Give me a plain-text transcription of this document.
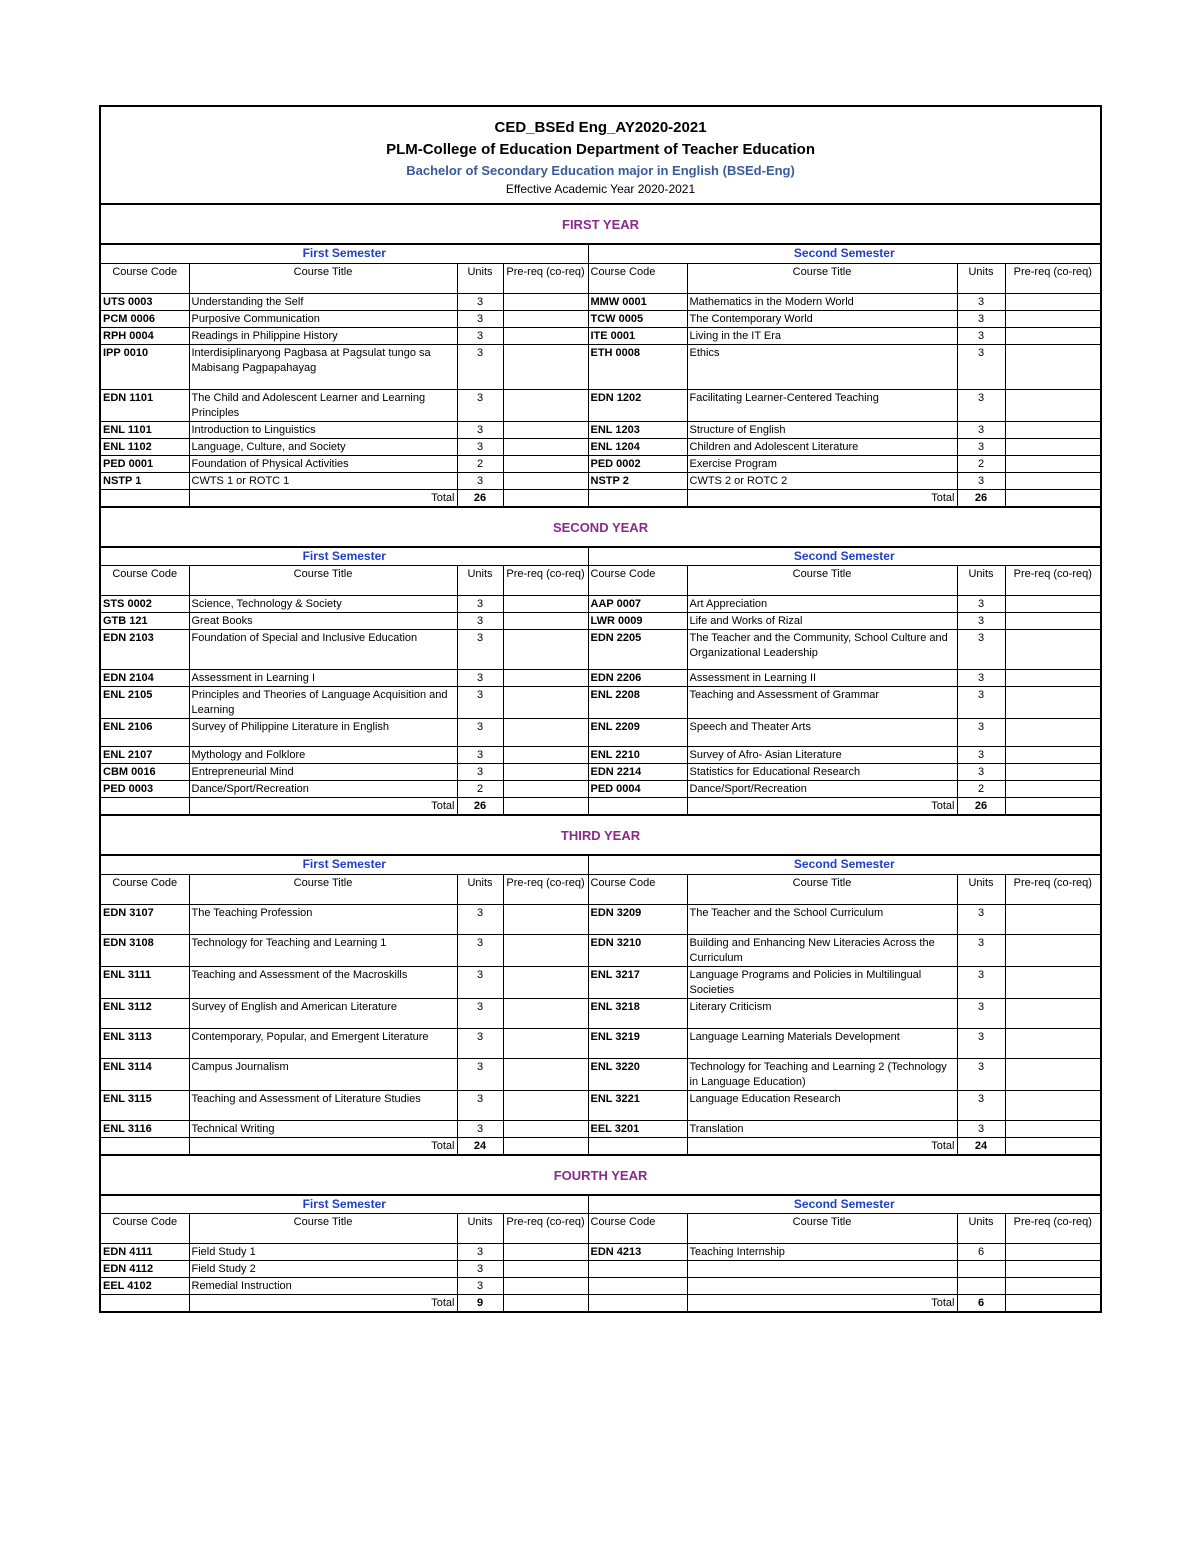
CED_BSEd Eng_AY2020-2021
PLM-College of Education Department of Teacher Education
Bachelor of Secondary Education major in English (BSEd-Eng)
Effective Academic Year 2020-2021							

FIRST YEAR							
First Semester				Second Semester			
Course Code	Course Title	Units	Pre-req (co-req)	Course Code	Course Title	Units	Pre-req (co-req)
UTS 0003	Understanding the Self	3		MMW 0001	Mathematics in the Modern World	3	
PCM 0006	Purposive Communication	3		TCW 0005	The Contemporary World	3	
RPH 0004	Readings in Philippine History	3		ITE 0001	Living in the IT Era	3	
IPP 0010	Interdisiplinaryong Pagbasa at Pagsulat tungo sa Mabisang Pagpapahayag	3		ETH 0008	Ethics	3	
EDN 1101	The Child and Adolescent Learner and Learning Principles	3		EDN 1202	Facilitating Learner-Centered Teaching	3	
ENL 1101	Introduction to Linguistics	3		ENL 1203	Structure of English	3	
ENL 1102	Language, Culture, and Society	3		ENL 1204	Children and Adolescent Literature	3	
PED 0001	Foundation of Physical Activities	2		PED 0002	Exercise Program	2	
NSTP 1	CWTS 1 or ROTC 1	3		NSTP 2	CWTS 2 or ROTC 2	3	
	Total	26			Total	26	
SECOND YEAR							
First Semester				Second Semester			
Course Code	Course Title	Units	Pre-req (co-req)	Course Code	Course Title	Units	Pre-req (co-req)
STS 0002	Science, Technology & Society	3		AAP 0007	Art Appreciation	3	
GTB 121	Great Books	3		LWR 0009	Life and Works of Rizal	3	
EDN 2103	Foundation of Special and Inclusive Education	3		EDN 2205	The Teacher and the Community, School Culture and Organizational Leadership	3	
EDN 2104	Assessment in Learning I	3		EDN 2206	Assessment in Learning II	3	
ENL 2105	Principles and Theories of Language Acquisition and Learning	3		ENL 2208	Teaching and Assessment of Grammar	3	
ENL 2106	Survey of Philippine Literature in English	3		ENL 2209	Speech and Theater Arts	3	
ENL 2107	Mythology and Folklore	3		ENL 2210	Survey of Afro- Asian Literature	3	
CBM 0016	Entrepreneurial Mind	3		EDN 2214	Statistics for Educational Research	3	
PED 0003	Dance/Sport/Recreation	2		PED 0004	Dance/Sport/Recreation	2	
	Total	26			Total	26	
THIRD YEAR							
First Semester				Second Semester			
Course Code	Course Title	Units	Pre-req (co-req)	Course Code	Course Title	Units	Pre-req (co-req)
EDN 3107	The Teaching Profession	3		EDN 3209	The Teacher and the School Curriculum	3	
EDN 3108	Technology for Teaching and Learning 1	3		EDN 3210	Building and Enhancing New Literacies Across the Curriculum	3	
ENL 3111	Teaching and Assessment of the Macroskills	3		ENL 3217	Language Programs and Policies in Multilingual Societies	3	
ENL 3112	Survey of English and American Literature	3		ENL 3218	Literary Criticism	3	
ENL 3113	Contemporary, Popular, and Emergent Literature	3		ENL 3219	Language Learning Materials Development	3	
ENL 3114	Campus Journalism	3		ENL 3220	Technology for Teaching and Learning 2 (Technology in Language Education)	3	
ENL 3115	Teaching and Assessment of Literature Studies	3		ENL 3221	Language Education Research	3	
ENL 3116	Technical Writing	3		EEL 3201	Translation	3	
	Total	24			Total	24	
FOURTH YEAR							
First Semester				Second Semester			
Course Code	Course Title	Units	Pre-req (co-req)	Course Code	Course Title	Units	Pre-req (co-req)
EDN 4111	Field Study 1	3		EDN 4213	Teaching Internship	6	
EDN 4112	Field Study 2	3					
EEL 4102	Remedial Instruction	3					
	Total	9			Total	6	
